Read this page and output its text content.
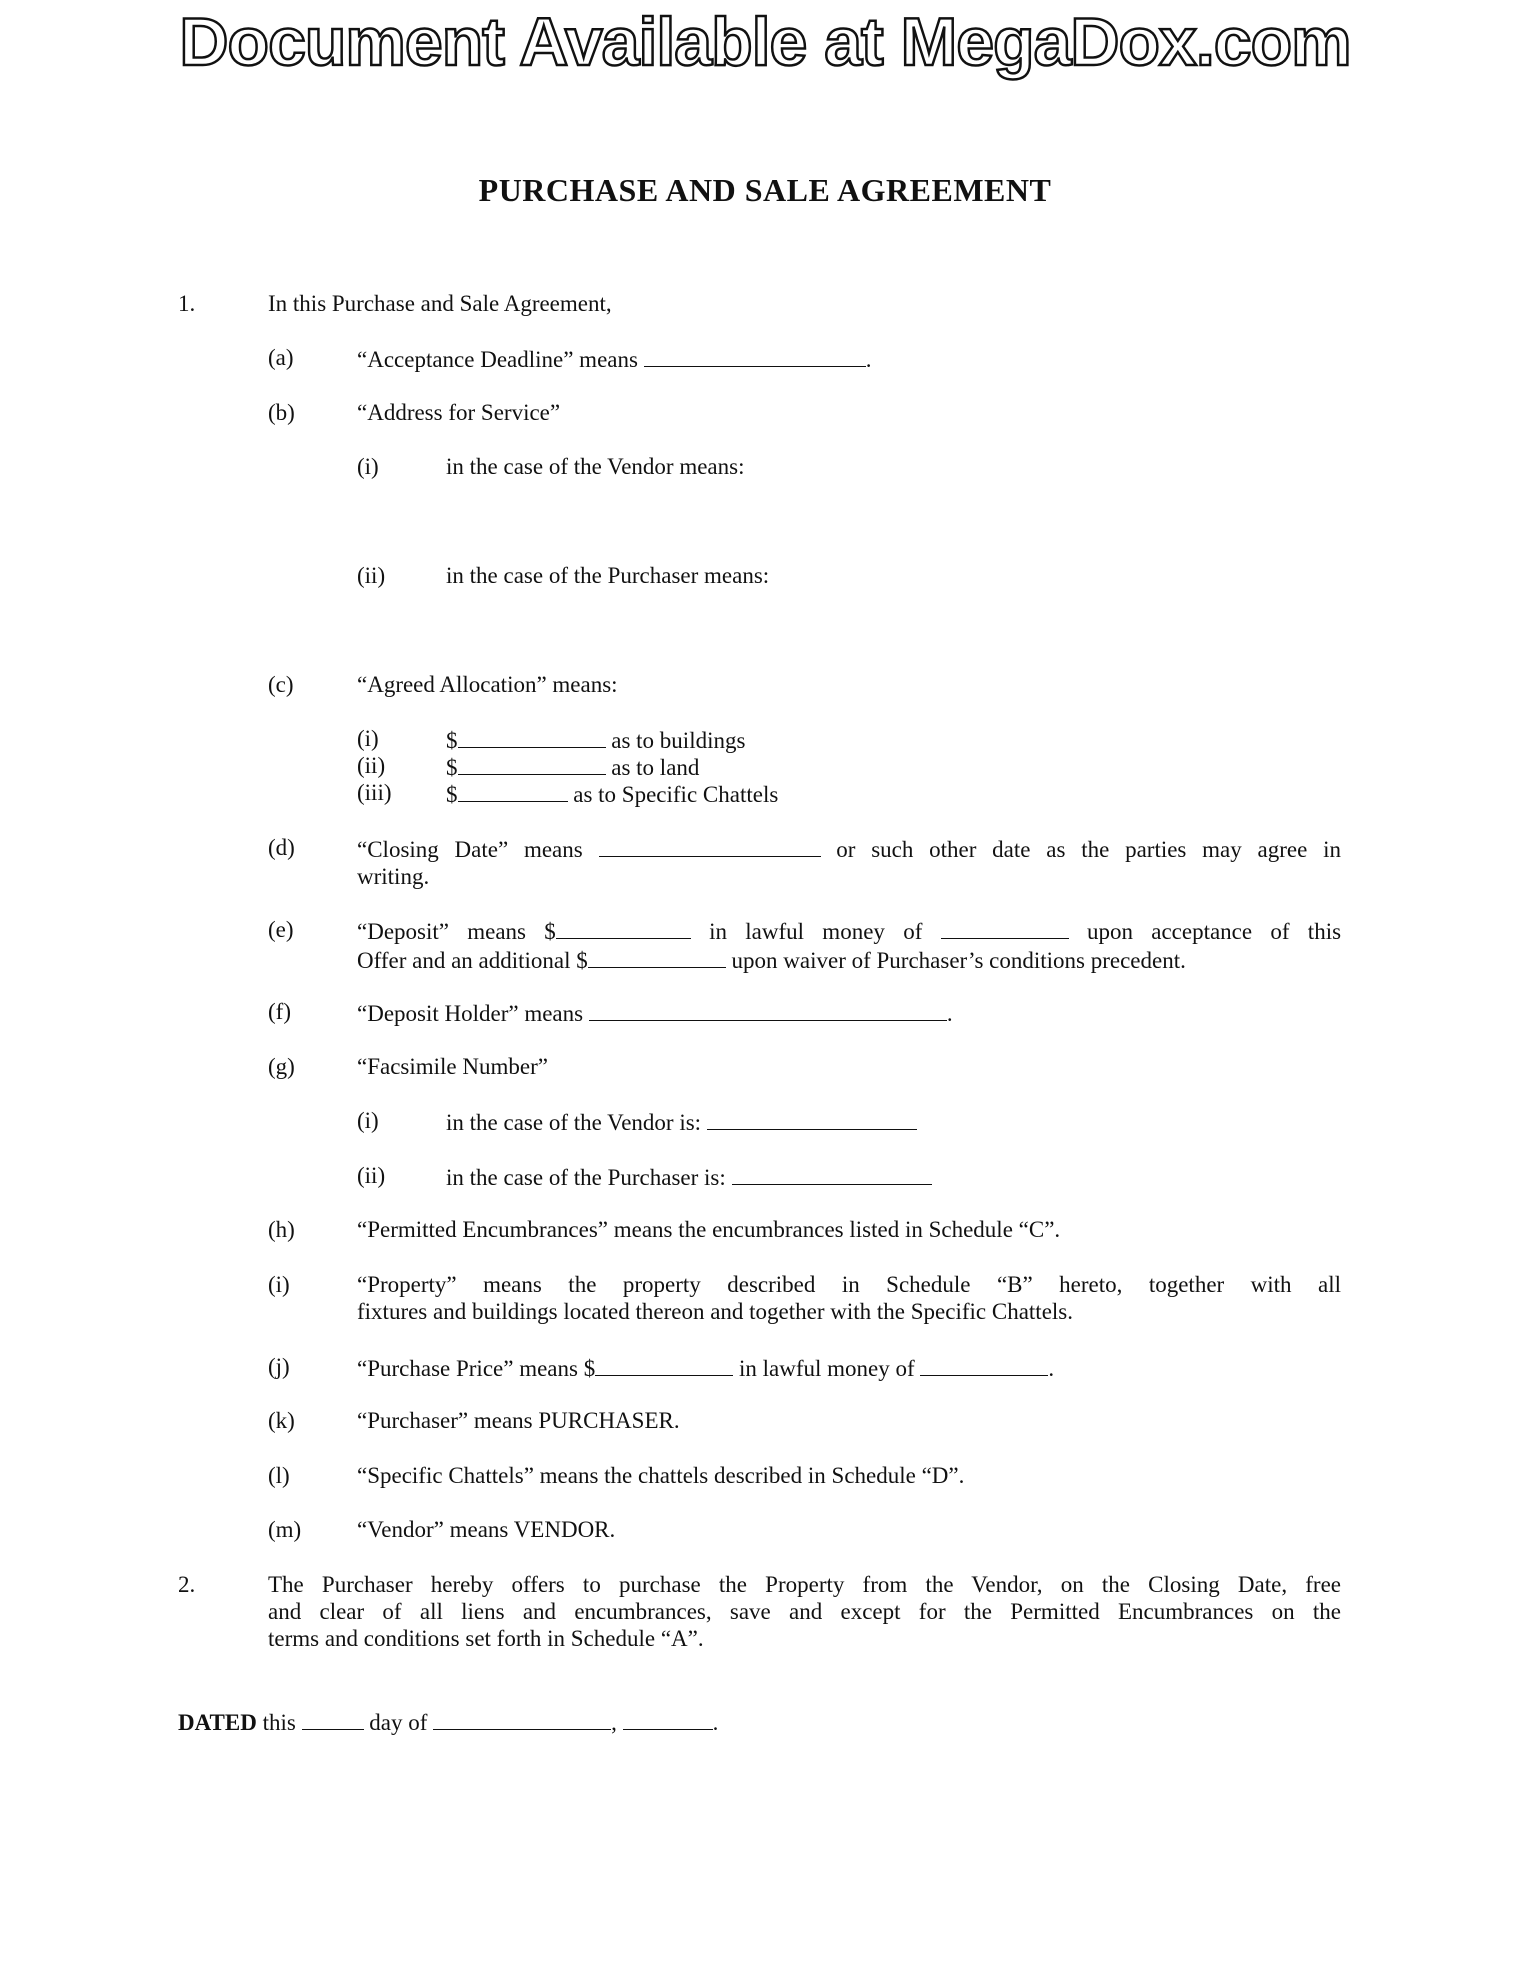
Document Available at MegaDox.com
PURCHASE AND SALE AGREEMENT
1.	In this Purchase and Sale Agreement,
(a)	“Acceptance Deadline” means	.
(b)	“Address for Service”
(i)	in the case of the Vendor means:
(ii)	in the case of the Purchaser means:
(c)	“Agreed Allocation” means:
(i)	$	as to buildings
(ii)	$	as to land
(iii) $	as to Specific Chattels
(d)	“Closing Date” means	or such other date as the parties may agree in
writing.
(e)	“Deposit” means $	in lawful money of	upon acceptance of this
Offer and an additional $	upon waiver of Purchaser’s conditions precedent.
(f)	“Deposit Holder” means	.
(g)	“Facsimile Number”
(i)	in the case of the Vendor is:
(ii)	in the case of the Purchaser is:
(h)	“Permitted Encumbrances” means the encumbrances listed in Schedule “C”.
(i)	“Property” means the property described in Schedule “B” hereto, together with all
fixtures and buildings located thereon and together with the Specific Chattels.
(j)	“Purchase Price” means $	in lawful money of	.
(k)	“Purchaser” means PURCHASER.
(l)	“Specific Chattels” means the chattels described in Schedule “D”.
(m) “Vendor” means VENDOR.
2.	The Purchaser hereby offers to purchase the Property from the Vendor, on the Closing Date, free
and clear of all liens and encumbrances, save and except for the Permitted Encumbrances on the
terms and conditions set forth in Schedule “A”.
DATED this	day of	,	.
